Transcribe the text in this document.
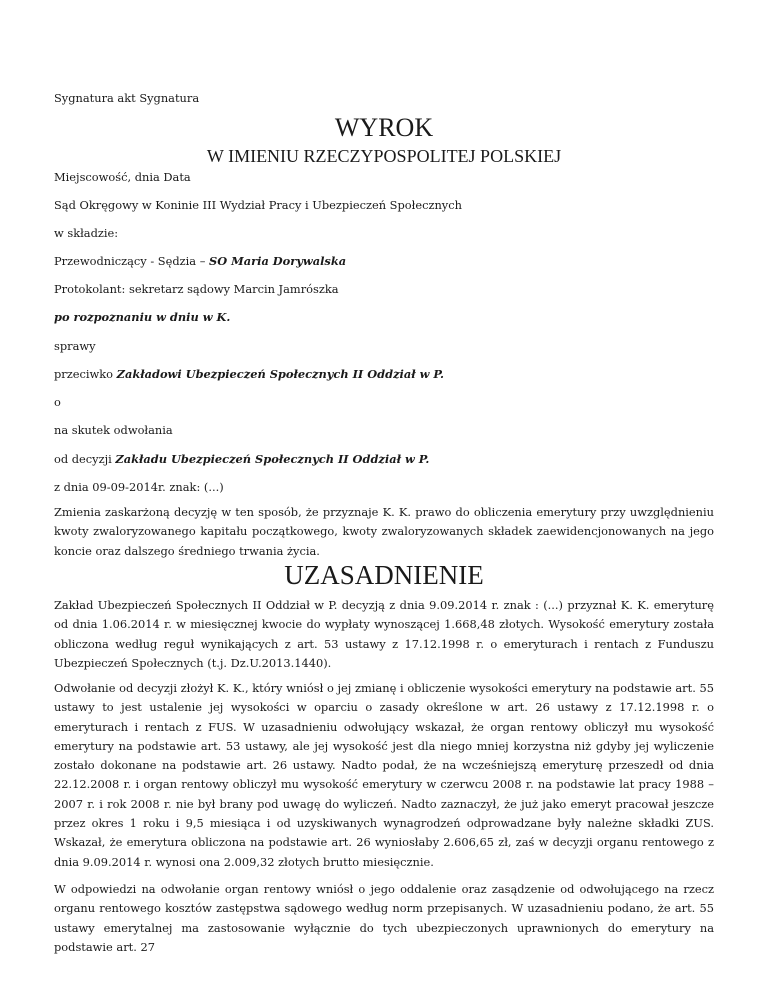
Sygnatura akt Sygnatura
WYROK
W IMIENIU RZECZYPOSPOLITEJ POLSKIEJ
Miejscowość, dnia Data
Sąd Okręgowy w Koninie III Wydział Pracy i Ubezpieczeń Społecznych
w składzie:
Przewodniczący - Sędzia – SO Maria Dorywalska
Protokolant: sekretarz sądowy Marcin Jamrószka
po rozpoznaniu w dniu w K.
sprawy
przeciwko Zakładowi Ubezpieczeń Społecznych II Oddział w P.
o
na skutek odwołania
od decyzji Zakładu Ubezpieczeń Społecznych II Oddział w P.
z dnia 09-09-2014r. znak: (...)
Zmienia zaskarżoną decyzję w ten sposób, że przyznaje K. K. prawo do obliczenia emerytury przy uwzględnieniu kwoty zwaloryzowanego kapitału początkowego, kwoty zwaloryzowanych składek zaewidencjonowanych na jego koncie oraz dalszego średniego trwania życia.
UZASADNIENIE
Zakład Ubezpieczeń Społecznych II Oddział w P. decyzją z dnia 9.09.2014 r. znak : (...) przyznał K. K. emeryturę od dnia 1.06.2014 r. w miesięcznej kwocie do wypłaty wynoszącej 1.668,48 złotych. Wysokość emerytury została obliczona według reguł wynikających z art. 53 ustawy z 17.12.1998 r. o emeryturach i rentach z Funduszu Ubezpieczeń Społecznych (t.j. Dz.U.2013.1440).
Odwołanie od decyzji złożył K. K., który wniósł o jej zmianę i obliczenie wysokości emerytury na podstawie art. 55 ustawy to jest ustalenie jej wysokości w oparciu o zasady określone w art. 26 ustawy z 17.12.1998 r. o emeryturach i rentach z FUS. W uzasadnieniu odwołujący wskazał, że organ rentowy obliczył mu wysokość emerytury na podstawie art. 53 ustawy, ale jej wysokość jest dla niego mniej korzystna niż gdyby jej wyliczenie zostało dokonane na podstawie art. 26 ustawy. Nadto podał, że na wcześniejszą emeryturę przeszedł od dnia 22.12.2008 r. i organ rentowy obliczył mu wysokość emerytury w czerwcu 2008 r. na podstawie lat pracy 1988 – 2007 r. i rok 2008 r. nie był brany pod uwagę do wyliczeń. Nadto zaznaczył, że już jako emeryt pracował jeszcze przez okres 1 roku i 9,5 miesiąca i od uzyskiwanych wynagrodzeń odprowadzane były należne składki ZUS. Wskazał, że emerytura obliczona na podstawie art. 26 wyniosłaby 2.606,65 zł, zaś w decyzji organu rentowego z dnia 9.09.2014 r. wynosi ona 2.009,32 złotych brutto miesięcznie.
W odpowiedzi na odwołanie organ rentowy wniósł o jego oddalenie oraz zasądzenie od odwołującego na rzecz organu rentowego kosztów zastępstwa sądowego według norm przepisanych. W uzasadnieniu podano, że art. 55 ustawy emerytalnej ma zastosowanie wyłącznie do tych ubezpieczonych uprawnionych do emerytury na podstawie art. 27
